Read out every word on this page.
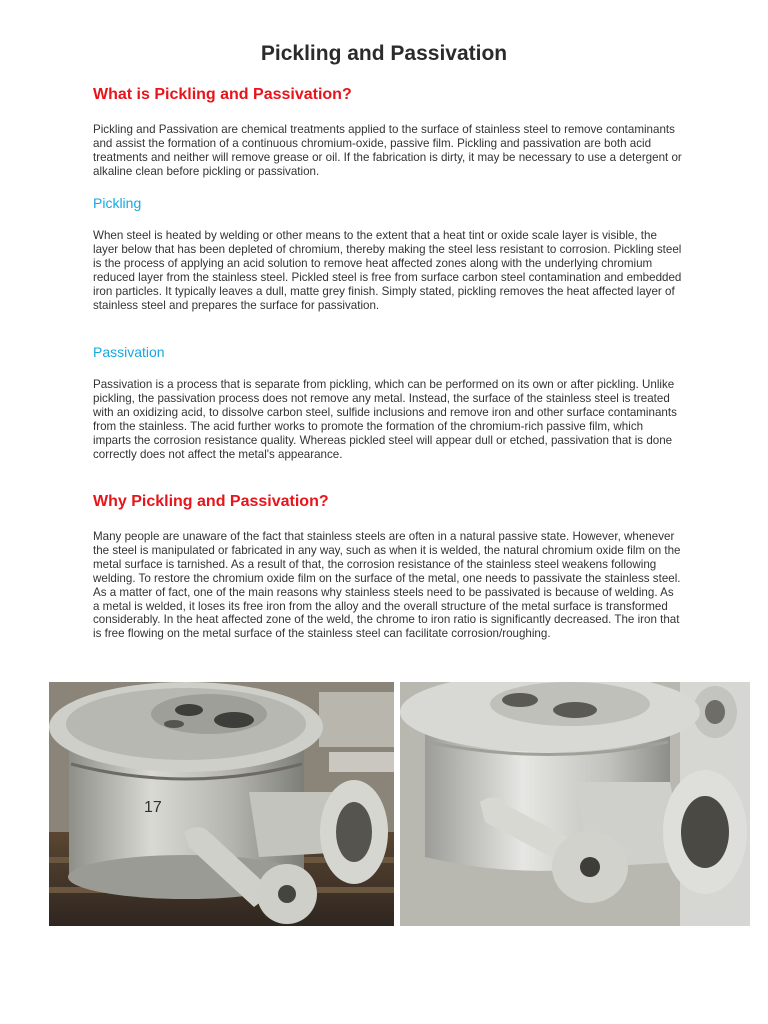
Pickling and Passivation
What is Pickling and Passivation?

Pickling and Passivation are chemical treatments applied to the surface of stainless steel to remove contaminants and assist the formation of a continuous chromium-oxide, passive film. Pickling and passivation are both acid treatments and neither will remove grease or oil. If the fabrication is dirty, it may be necessary to use a detergent or alkaline clean before pickling or passivation.

Pickling

When steel is heated by welding or other means to the extent that a heat tint or oxide scale layer is visible, the layer below that has been depleted of chromium, thereby making the steel less resistant to corrosion. Pickling steel is the process of applying an acid solution to remove heat affected zones along with the underlying chromium reduced layer from the stainless steel. Pickled steel is free from surface carbon steel contamination and embedded iron particles. It typically leaves a dull, matte grey finish. Simply stated, pickling removes the heat affected layer of stainless steel and prepares the surface for passivation.

Passivation

Passivation is a process that is separate from pickling, which can be performed on its own or after pickling. Unlike pickling, the passivation process does not remove any metal. Instead, the surface of the stainless steel is treated with an oxidizing acid, to dissolve carbon steel, sulfide inclusions and remove iron and other surface contaminants from the stainless. The acid further works to promote the formation of the chromium-rich passive film, which imparts the corrosion resistance quality. Whereas pickled steel will appear dull or etched, passivation that is done correctly does not affect the metal's appearance.

Why Pickling and Passivation?

Many people are unaware of the fact that stainless steels are often in a natural passive state. However, whenever the steel is manipulated or fabricated in any way, such as when it is welded, the natural chromium oxide film on the metal surface is tarnished. As a result of that, the corrosion resistance of the stainless steel weakens following welding. To restore the chromium oxide film on the surface of the metal, one needs to passivate the stainless steel. As a matter of fact, one of the main reasons why stainless steels need to be passivated is because of welding. As a metal is welded, it loses its free iron from the alloy and the overall structure of the metal surface is transformed considerably. In the heat affected zone of the weld, the chrome to iron ratio is significantly decreased. The iron that is free flowing on the metal surface of the stainless steel can facilitate corrosion/roughing.

17
